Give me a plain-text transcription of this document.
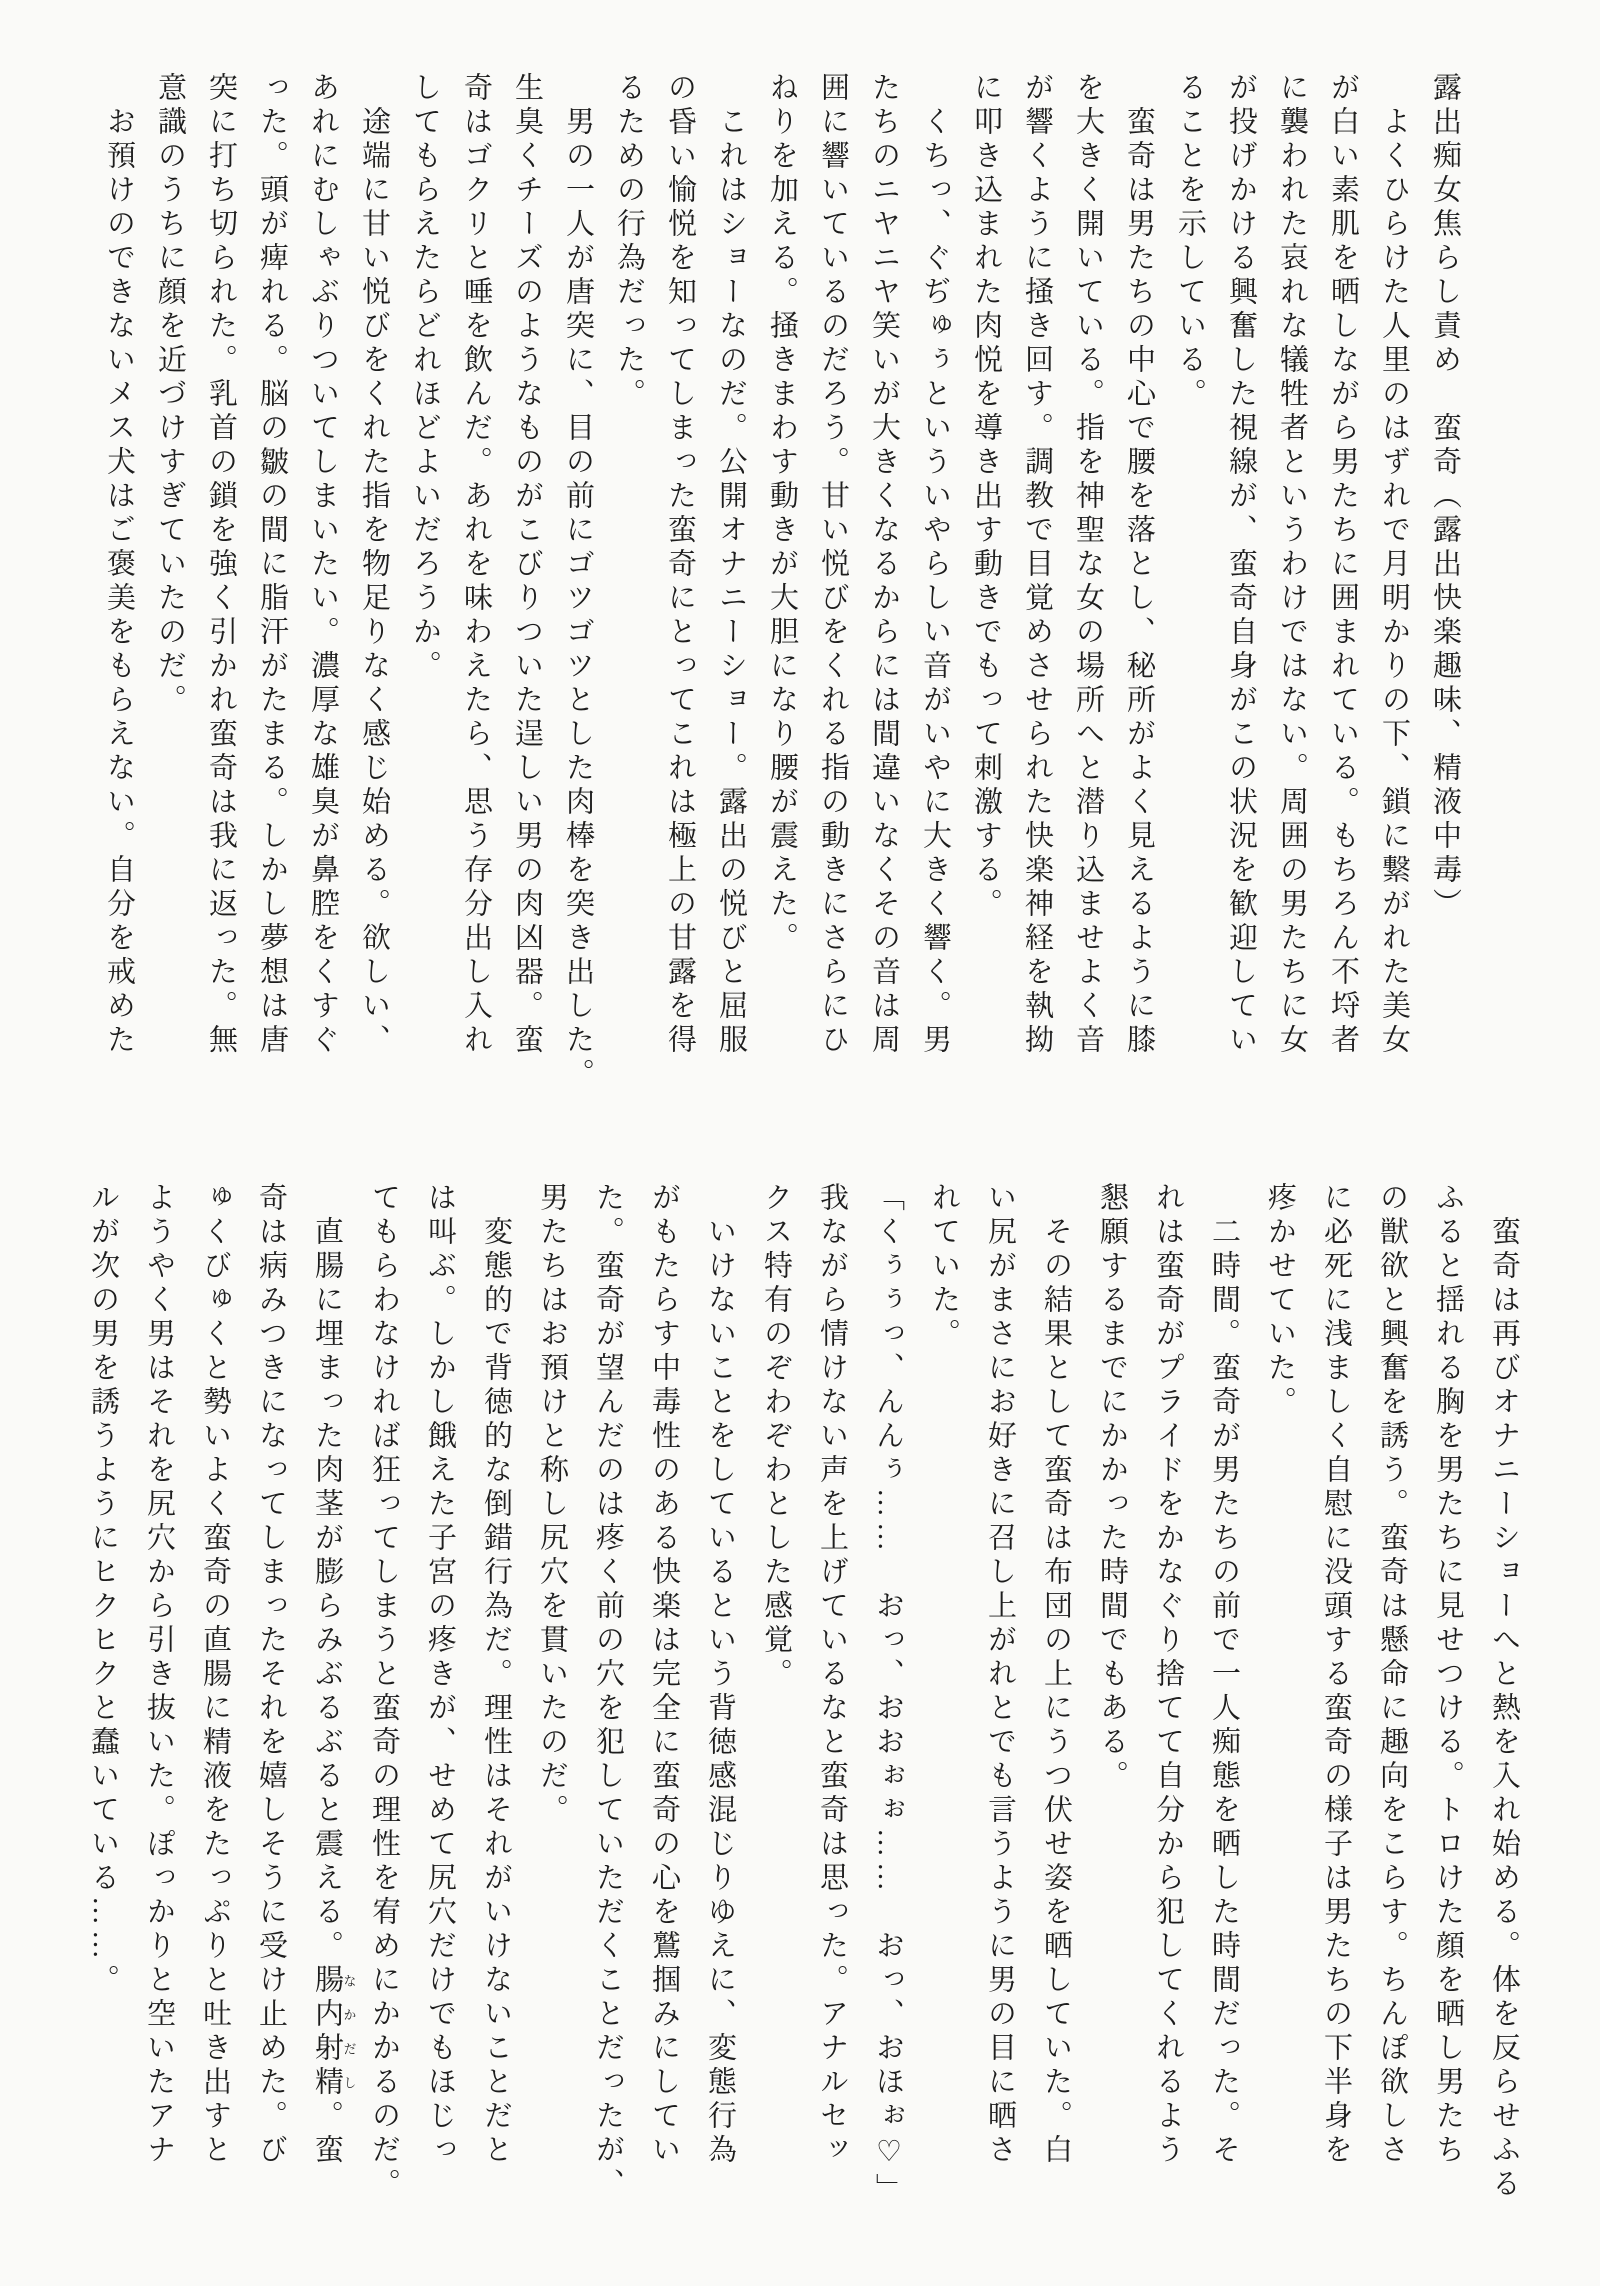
露出痴女焦らし責め　蛮奇（露出快楽趣味、精液中毒）

　よくひらけた人里のはずれで月明かりの下、鎖に繋がれた美女

が白い素肌を晒しながら男たちに囲まれている。もちろん不埒者

に襲われた哀れな犠牲者というわけではない。周囲の男たちに女

が投げかける興奮した視線が、蛮奇自身がこの状況を歓迎してい

ることを示している。

　蛮奇は男たちの中心で腰を落とし、秘所がよく見えるように膝

を大きく開いている。指を神聖な女の場所へと潜り込ませよく音

が響くように掻き回す。調教で目覚めさせられた快楽神経を執拗

に叩き込まれた肉悦を導き出す動きでもって刺激する。

　くちっ、ぐぢゅぅといういやらしい音がいやに大きく響く。男

たちのニヤニヤ笑いが大きくなるからには間違いなくその音は周

囲に響いているのだろう。甘い悦びをくれる指の動きにさらにひ

ねりを加える。掻きまわす動きが大胆になり腰が震えた。

　これはショーなのだ。公開オナニーショー。露出の悦びと屈服

の昏い愉悦を知ってしまった蛮奇にとってこれは極上の甘露を得

るための行為だった。

　男の一人が唐突に、目の前にゴツゴツとした肉棒を突き出した。

生臭くチーズのようなものがこびりついた逞しい男の肉凶器。蛮

奇はゴクリと唾を飲んだ。あれを味わえたら、思う存分出し入れ

してもらえたらどれほどよいだろうか。

　途端に甘い悦びをくれた指を物足りなく感じ始める。欲しい、

あれにむしゃぶりついてしまいたい。濃厚な雄臭が鼻腔をくすぐ

った。頭が痺れる。脳の皺の間に脂汗がたまる。しかし夢想は唐

突に打ち切られた。乳首の鎖を強く引かれ蛮奇は我に返った。無

意識のうちに顔を近づけすぎていたのだ。

　お預けのできないメス犬はご褒美をもらえない。自分を戒めた

　蛮奇は再びオナニーショーへと熱を入れ始める。体を反らせふる

ふると揺れる胸を男たちに見せつける。トロけた顔を晒し男たち

の獣欲と興奮を誘う。蛮奇は懸命に趣向をこらす。ちんぽ欲しさ

に必死に浅ましく自慰に没頭する蛮奇の様子は男たちの下半身を

疼かせていた。

　二時間。蛮奇が男たちの前で一人痴態を晒した時間だった。そ

れは蛮奇がプライドをかなぐり捨てて自分から犯してくれるよう

懇願するまでにかかった時間でもある。

　その結果として蛮奇は布団の上にうつ伏せ姿を晒していた。白

い尻がまさにお好きに召し上がれとでも言うように男の目に晒さ

れていた。

「くぅぅっ、んんぅ……　おっ、おおぉぉ……　おっ、おほぉ♡」

我ながら情けない声を上げているなと蛮奇は思った。アナルセッ

クス特有のぞわぞわとした感覚。

　いけないことをしているという背徳感混じりゆえに、変態行為

がもたらす中毒性のある快楽は完全に蛮奇の心を鷲掴みにしてい

た。蛮奇が望んだのは疼く前の穴を犯していただくことだったが、

男たちはお預けと称し尻穴を貫いたのだ。

　変態的で背徳的な倒錯行為だ。理性はそれがいけないことだと

は叫ぶ。しかし餓えた子宮の疼きが、せめて尻穴だけでもほじっ

てもらわなければ狂ってしまうと蛮奇の理性を宥めにかかるのだ。

　直腸に埋まった肉茎が膨らみぶるぶると震える。腸内射精なかだし。蛮

奇は病みつきになってしまったそれを嬉しそうに受け止めた。び

ゅくびゅくと勢いよく蛮奇の直腸に精液をたっぷりと吐き出すと

ようやく男はそれを尻穴から引き抜いた。ぽっかりと空いたアナ

ルが次の男を誘うようにヒクヒクと蠢いている……。
